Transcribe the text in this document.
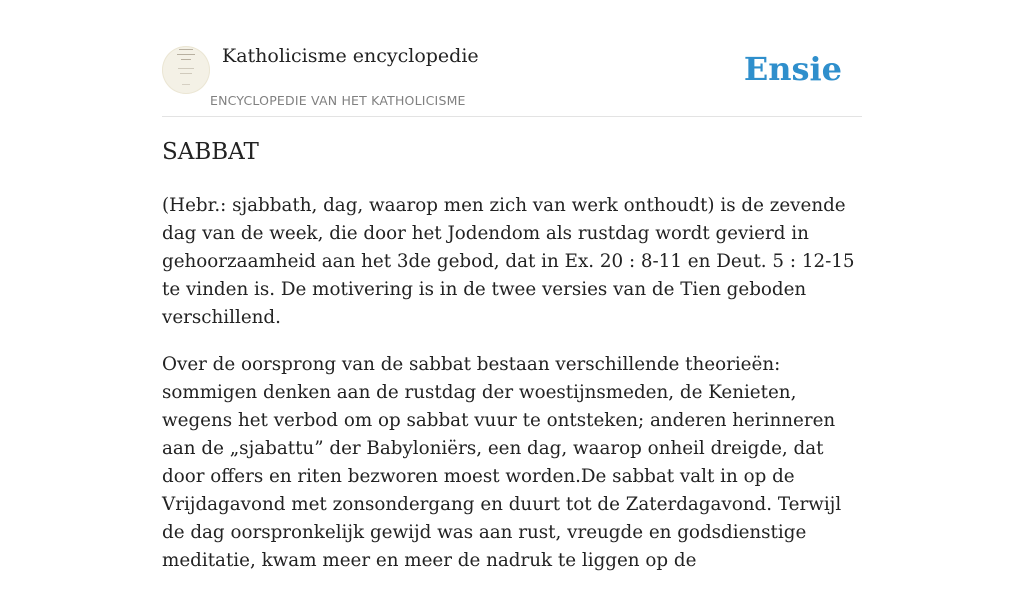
Katholicisme encyclopedie
ENCYCLOPEDIE VAN HET KATHOLICISME
Ensie
SABBAT

(Hebr.: sjabbath, dag, waarop men zich van werk onthoudt) is de zevende dag van de week, die door het Jodendom als rustdag wordt gevierd in gehoorzaamheid aan het 3de gebod, dat in Ex. 20 : 8-11 en Deut. 5 : 12-15 te vinden is. De motivering is in de twee versies van de Tien geboden verschillend.

Over de oorsprong van de sabbat bestaan verschillende theorieën: sommigen denken aan de rustdag der woestijnsmeden, de Kenieten, wegens het verbod om op sabbat vuur te ontsteken; anderen herinneren aan de „sjabattu” der Babyloniërs, een dag, waarop onheil dreigde, dat door offers en riten bezworen moest worden.De sabbat valt in op de Vrijdagavond met zonsondergang en duurt tot de Zaterdagavond. Terwijl de dag oorspronkelijk gewijd was aan rust, vreugde en godsdienstige meditatie, kwam meer en meer de nadruk te liggen op de
